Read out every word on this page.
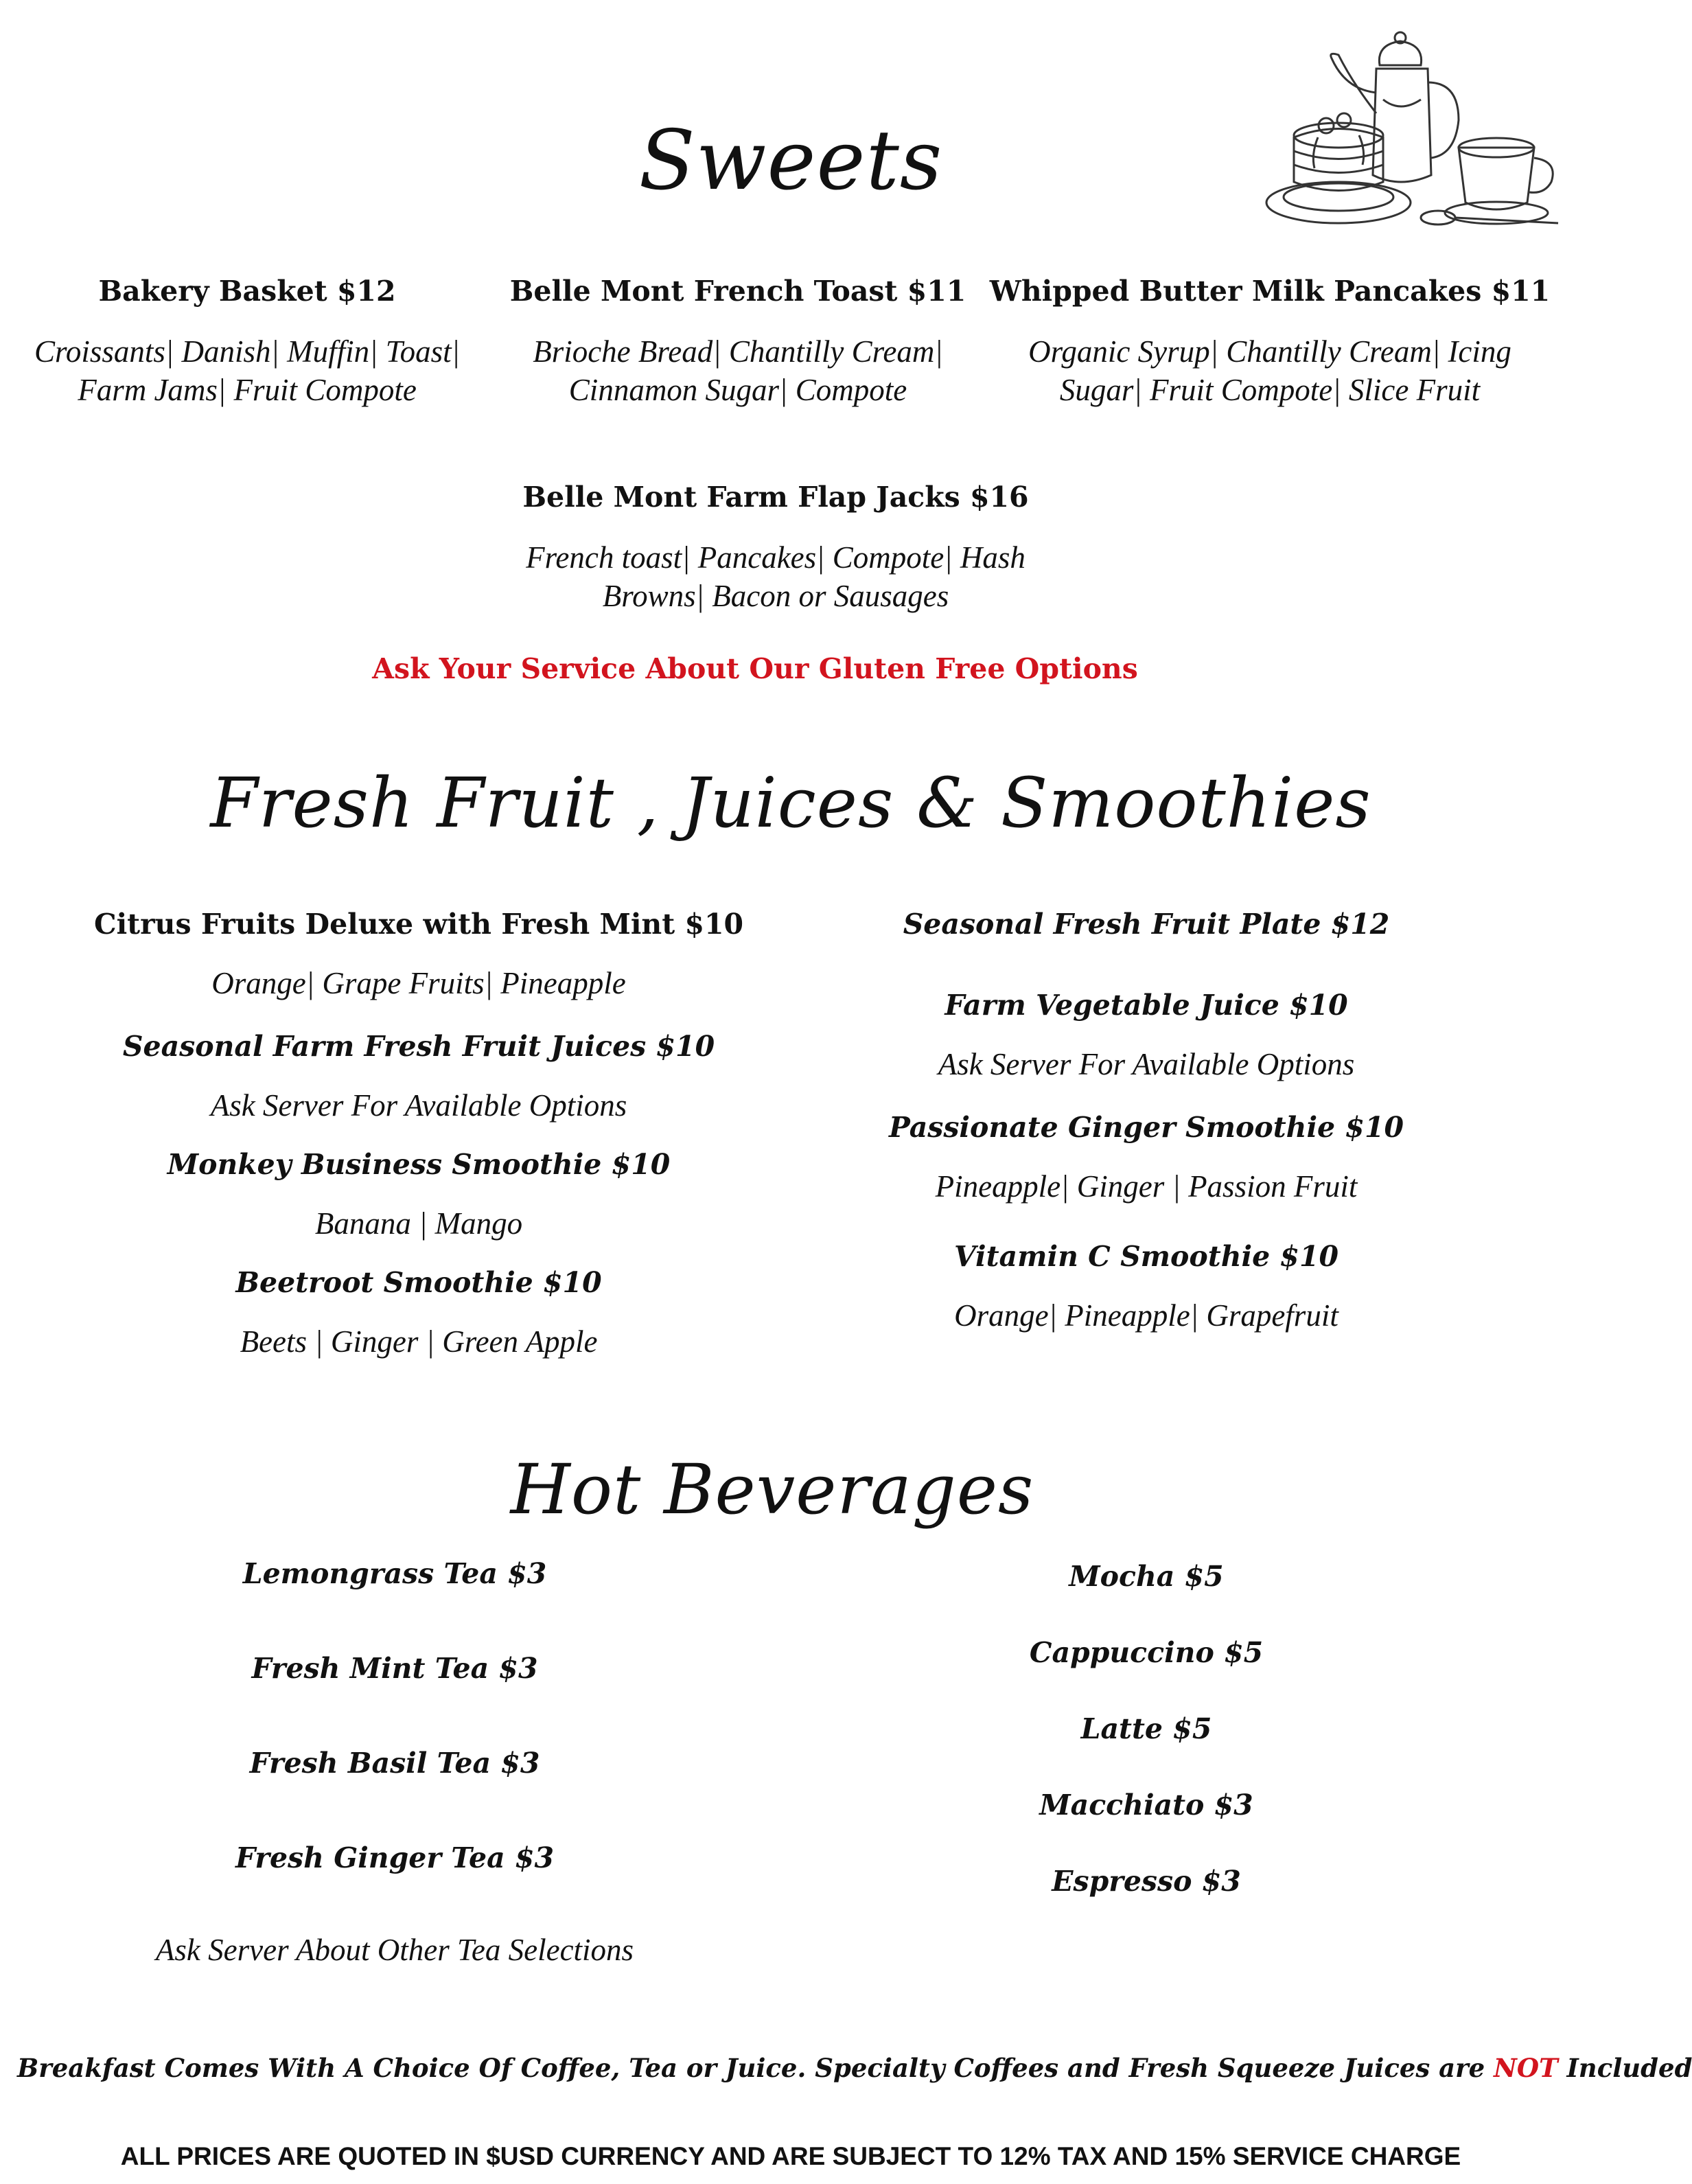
Sweets
Bakery Basket $12
Croissants| Danish| Muffin| Toast|
Farm Jams| Fruit Compote
Belle Mont French Toast $11
Brioche Bread| Chantilly Cream|
Cinnamon Sugar| Compote
Whipped Butter Milk Pancakes $11
Organic Syrup| Chantilly Cream| Icing
Sugar| Fruit Compote| Slice Fruit
Belle Mont Farm Flap Jacks $16
French toast| Pancakes| Compote| Hash
Browns| Bacon or Sausages
Ask Your Service About Our Gluten Free Options
Fresh Fruit , Juices & Smoothies
Citrus Fruits Deluxe with Fresh Mint $10
Orange| Grape Fruits| Pineapple
Seasonal Farm Fresh Fruit Juices $10
Ask Server For Available Options
Monkey Business Smoothie $10
Banana | Mango
Beetroot Smoothie $10
Beets | Ginger | Green Apple
Seasonal Fresh Fruit Plate $12
Farm Vegetable Juice $10
Ask Server For Available Options
Passionate Ginger Smoothie $10
Pineapple| Ginger | Passion Fruit
Vitamin C Smoothie $10
Orange| Pineapple| Grapefruit
Hot Beverages
Lemongrass Tea $3
Fresh Mint Tea $3
Fresh Basil Tea $3
Fresh Ginger Tea $3
Ask Server About Other Tea Selections
Mocha $5
Cappuccino $5
Latte $5
Macchiato $3
Espresso $3
Breakfast Comes With A Choice Of Coffee, Tea or Juice. Specialty Coffees and Fresh Squeeze Juices are NOT Included
ALL PRICES ARE QUOTED IN $USD CURRENCY AND ARE SUBJECT TO 12% TAX AND 15% SERVICE CHARGE
